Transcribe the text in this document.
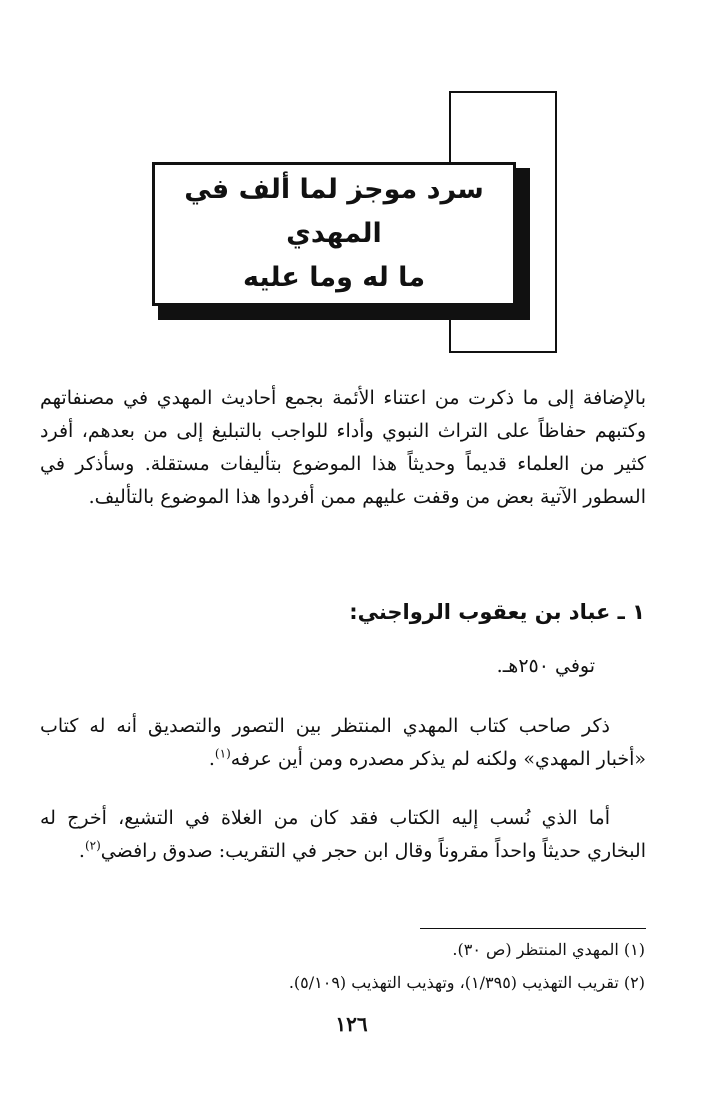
سرد موجز لما ألف في المهدي
ما له وما عليه
بالإضافة إلى ما ذكرت من اعتناء الأئمة بجمع أحاديث المهدي في مصنفاتهم وكتبهم حفاظاً على التراث النبوي وأداء للواجب بالتبليغ إلى من بعدهم، أفرد كثير من العلماء قديماً وحديثاً هذا الموضوع بتأليفات مستقلة. وسأذكر في السطور الآتية بعض من وقفت عليهم ممن أفردوا هذا الموضوع بالتأليف.
١ ـ عباد بن يعقوب الرواجني:
توفي ٢٥٠هـ.
ذكر صاحب كتاب المهدي المنتظر بين التصور والتصديق أنه له كتاب «أخبار المهدي» ولكنه لم يذكر مصدره ومن أين عرفه$^{(١)}$.
أما الذي نُسب إليه الكتاب فقد كان من الغلاة في التشيع، أخرج له البخاري حديثاً واحداً مقروناً وقال ابن حجر في التقريب: صدوق رافضي$^{(٢)}$.
(١) المهدي المنتظر (ص ٣٠).
(٢) تقريب التهذيب (١/٣٩٥)، وتهذيب التهذيب (٥/١٠٩).
١٢٦
